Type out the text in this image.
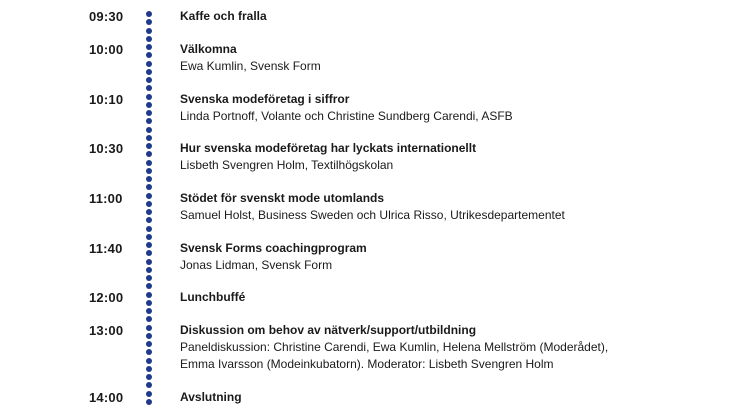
09:30	Kaffe och fralla
10:00	Välkomna
Ewa Kumlin, Svensk Form
10:10	Svenska modeföretag i siffror
Linda Portnoff, Volante och Christine Sundberg Carendi, ASFB
10:30	Hur svenska modeföretag har lyckats internationellt
Lisbeth Svengren Holm, Textilhögskolan
11:00	Stödet för svenskt mode utomlands
Samuel Holst, Business Sweden och Ulrica Risso, Utrikesdepartementet
11:40	Svensk Forms coachingprogram
Jonas Lidman, Svensk Form
12:00	Lunchbuffé
13:00	Diskussion om behov av nätverk/support/utbildning
Paneldiskussion: Christine Carendi, Ewa Kumlin, Helena Mellström (Moderådet),
Emma Ivarsson (Modeinkubatorn). Moderator: Lisbeth Svengren Holm
14:00	Avslutning
